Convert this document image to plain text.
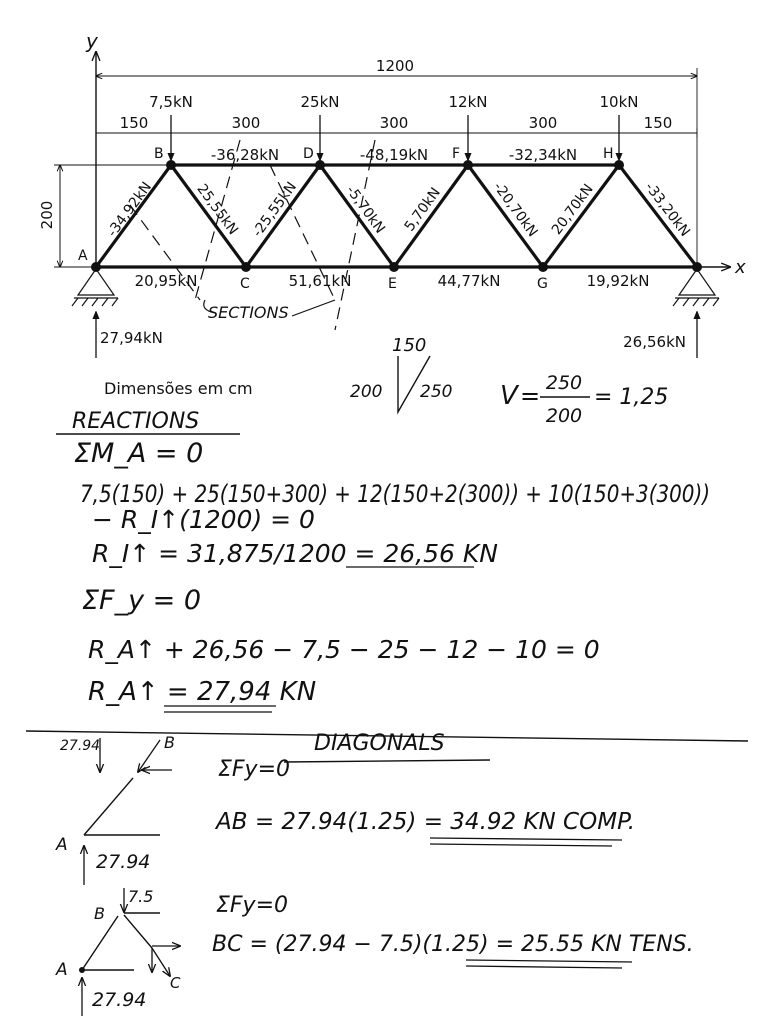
y
x
1200
150	300	300	300	150
200
7,5kN	25kN	12kN	10kN
SECTIONS
A
B
C
D
E
F
G
H
-36,28kN	-48,19kN	-32,34kN
20,95kN	51,61kN	44,77kN	19,92kN
-34,92kN	25,55kN -25,55kN	-5,70kN 5,70kN	-20,70kN 20,70kN	-33,20kN
27,94kN	26,56kN
Dimensões em cm
150
200 250 V = 250
200
= 1,25
REACTIONS
ΣM_A = 0
7,5(150) + 25(150+300) + 12(150+2(300)) + 10(150+3(300))
− R_I↑(1200) = 0
R_I↑ = 31,875/1200 = 26,56 KN
ΣF_y = 0
R_A↑ + 26,56 − 7,5 − 25 − 12 − 10 = 0
R_A↑ = 27,94 KN
DIAGONALS
27.94	B
A
27.94
ΣFy=0
AB = 27.94(1.25) = 34.92 KN COMP.
7.5
B
C
A
27.94
ΣFy=0
BC = (27.94 − 7.5)(1.25) = 25.55 KN TENS.
